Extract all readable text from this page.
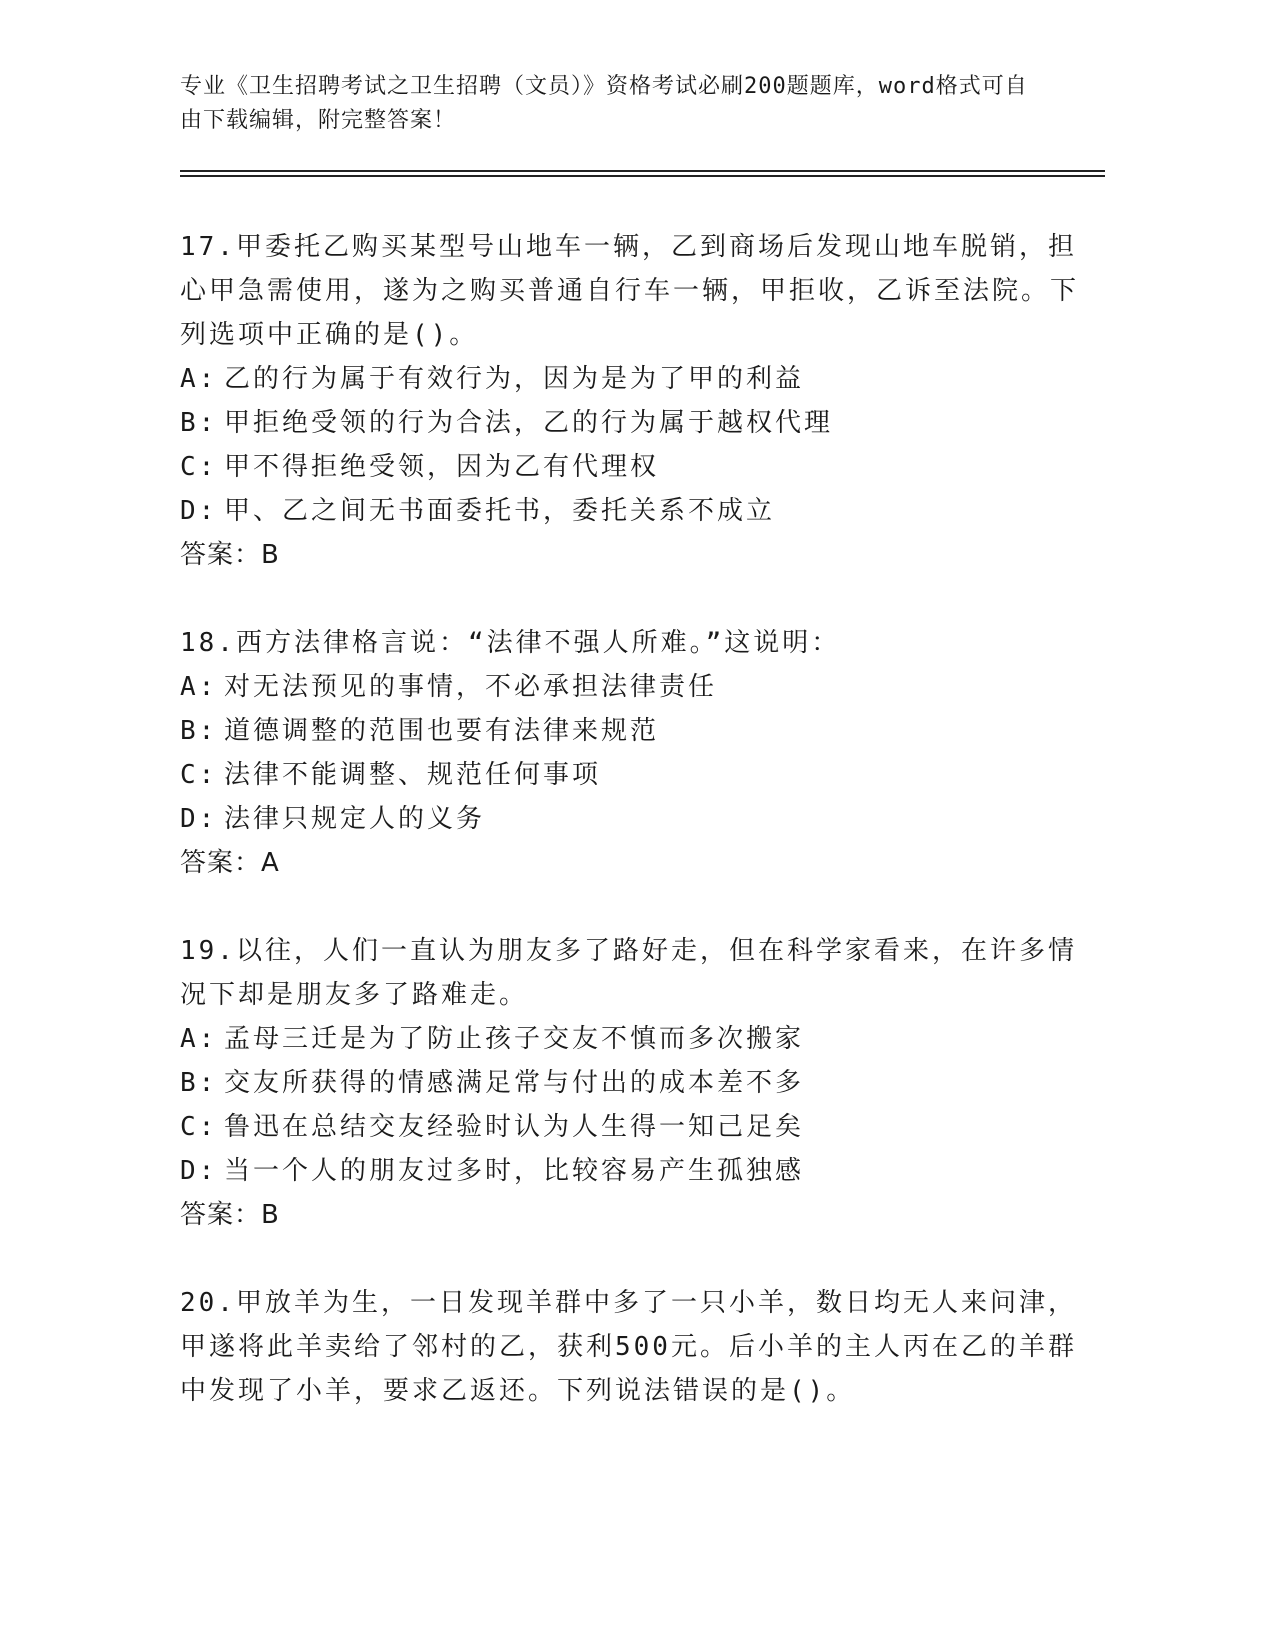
专业《卫生招聘考试之卫生招聘（文员）》资格考试必刷200题题库，word格式可自由下载编辑，附完整答案！

17.甲委托乙购买某型号山地车一辆，乙到商场后发现山地车脱销，担心甲急需使用，遂为之购买普通自行车一辆，甲拒收，乙诉至法院。下列选项中正确的是()。

A: 乙的行为属于有效行为，因为是为了甲的利益
B: 甲拒绝受领的行为合法，乙的行为属于越权代理
C: 甲不得拒绝受领，因为乙有代理权
D: 甲、乙之间无书面委托书，委托关系不成立

答案：B

18.西方法律格言说：“法律不强人所难。”这说明：

A: 对无法预见的事情，不必承担法律责任
B: 道德调整的范围也要有法律来规范
C: 法律不能调整、规范任何事项
D: 法律只规定人的义务

答案：A

19.以往，人们一直认为朋友多了路好走，但在科学家看来，在许多情况下却是朋友多了路难走。

A: 孟母三迁是为了防止孩子交友不慎而多次搬家
B: 交友所获得的情感满足常与付出的成本差不多
C: 鲁迅在总结交友经验时认为人生得一知己足矣
D: 当一个人的朋友过多时，比较容易产生孤独感

答案：B

20.甲放羊为生，一日发现羊群中多了一只小羊，数日均无人来问津，甲遂将此羊卖给了邻村的乙，获利500元。后小羊的主人丙在乙的羊群中发现了小羊，要求乙返还。下列说法错误的是()。
